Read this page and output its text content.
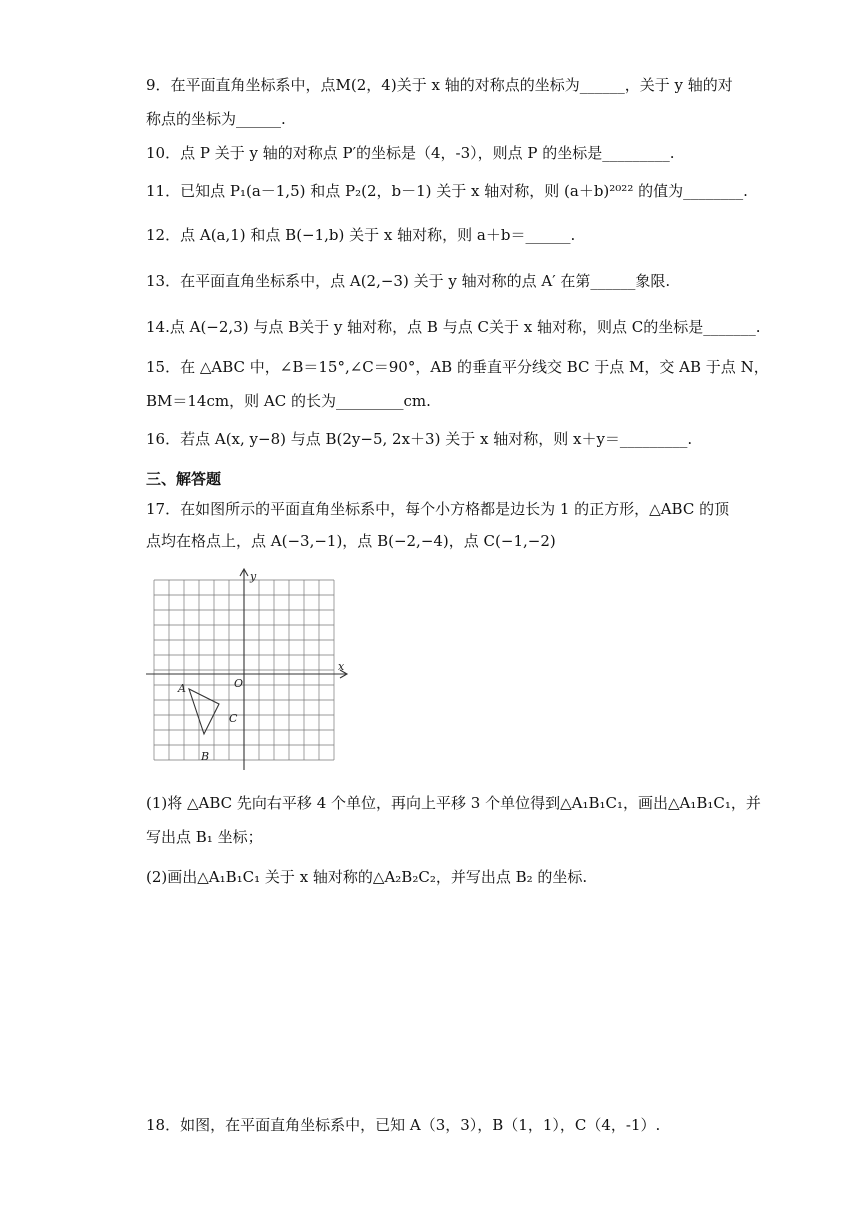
9．在平面直角坐标系中，点M(2，4)关于 x 轴的对称点的坐标为______，关于 y 轴的对
称点的坐标为______.
10．点 P 关于 y 轴的对称点 P′的坐标是（4，-3），则点 P 的坐标是_________.
11．已知点 P₁(a－1,5) 和点 P₂(2，b－1) 关于 x 轴对称，则 (a＋b)²⁰²² 的值为________.
12．点 A(a,1) 和点 B(−1,b) 关于 x 轴对称，则 a＋b＝______.
13．在平面直角坐标系中，点 A(2,−3) 关于 y 轴对称的点 A′ 在第______象限.
14.点 A(−2,3) 与点 B关于 y 轴对称，点 B 与点 C关于 x 轴对称，则点 C的坐标是_______.
15．在 △ABC 中，∠B＝15°,∠C＝90°，AB 的垂直平分线交 BC 于点 M，交 AB 于点 N，
BM＝14cm，则 AC 的长为_________cm.
16．若点 A(x, y−8) 与点 B(2y−5, 2x＋3) 关于 x 轴对称，则 x＋y＝_________.
三、解答题
17．在如图所示的平面直角坐标系中，每个小方格都是边长为 1 的正方形，△ABC 的顶
点均在格点上，点 A(−3,−1)，点 B(−2,−4)，点 C(−1,−2)
x
y
O
A
B
C
(1)将 △ABC 先向右平移 4 个单位，再向上平移 3 个单位得到△A₁B₁C₁，画出△A₁B₁C₁，并
写出点 B₁ 坐标；
(2)画出△A₁B₁C₁ 关于 x 轴对称的△A₂B₂C₂，并写出点 B₂ 的坐标.
18．如图，在平面直角坐标系中，已知 A（3，3），B（1，1），C（4，-1）.
